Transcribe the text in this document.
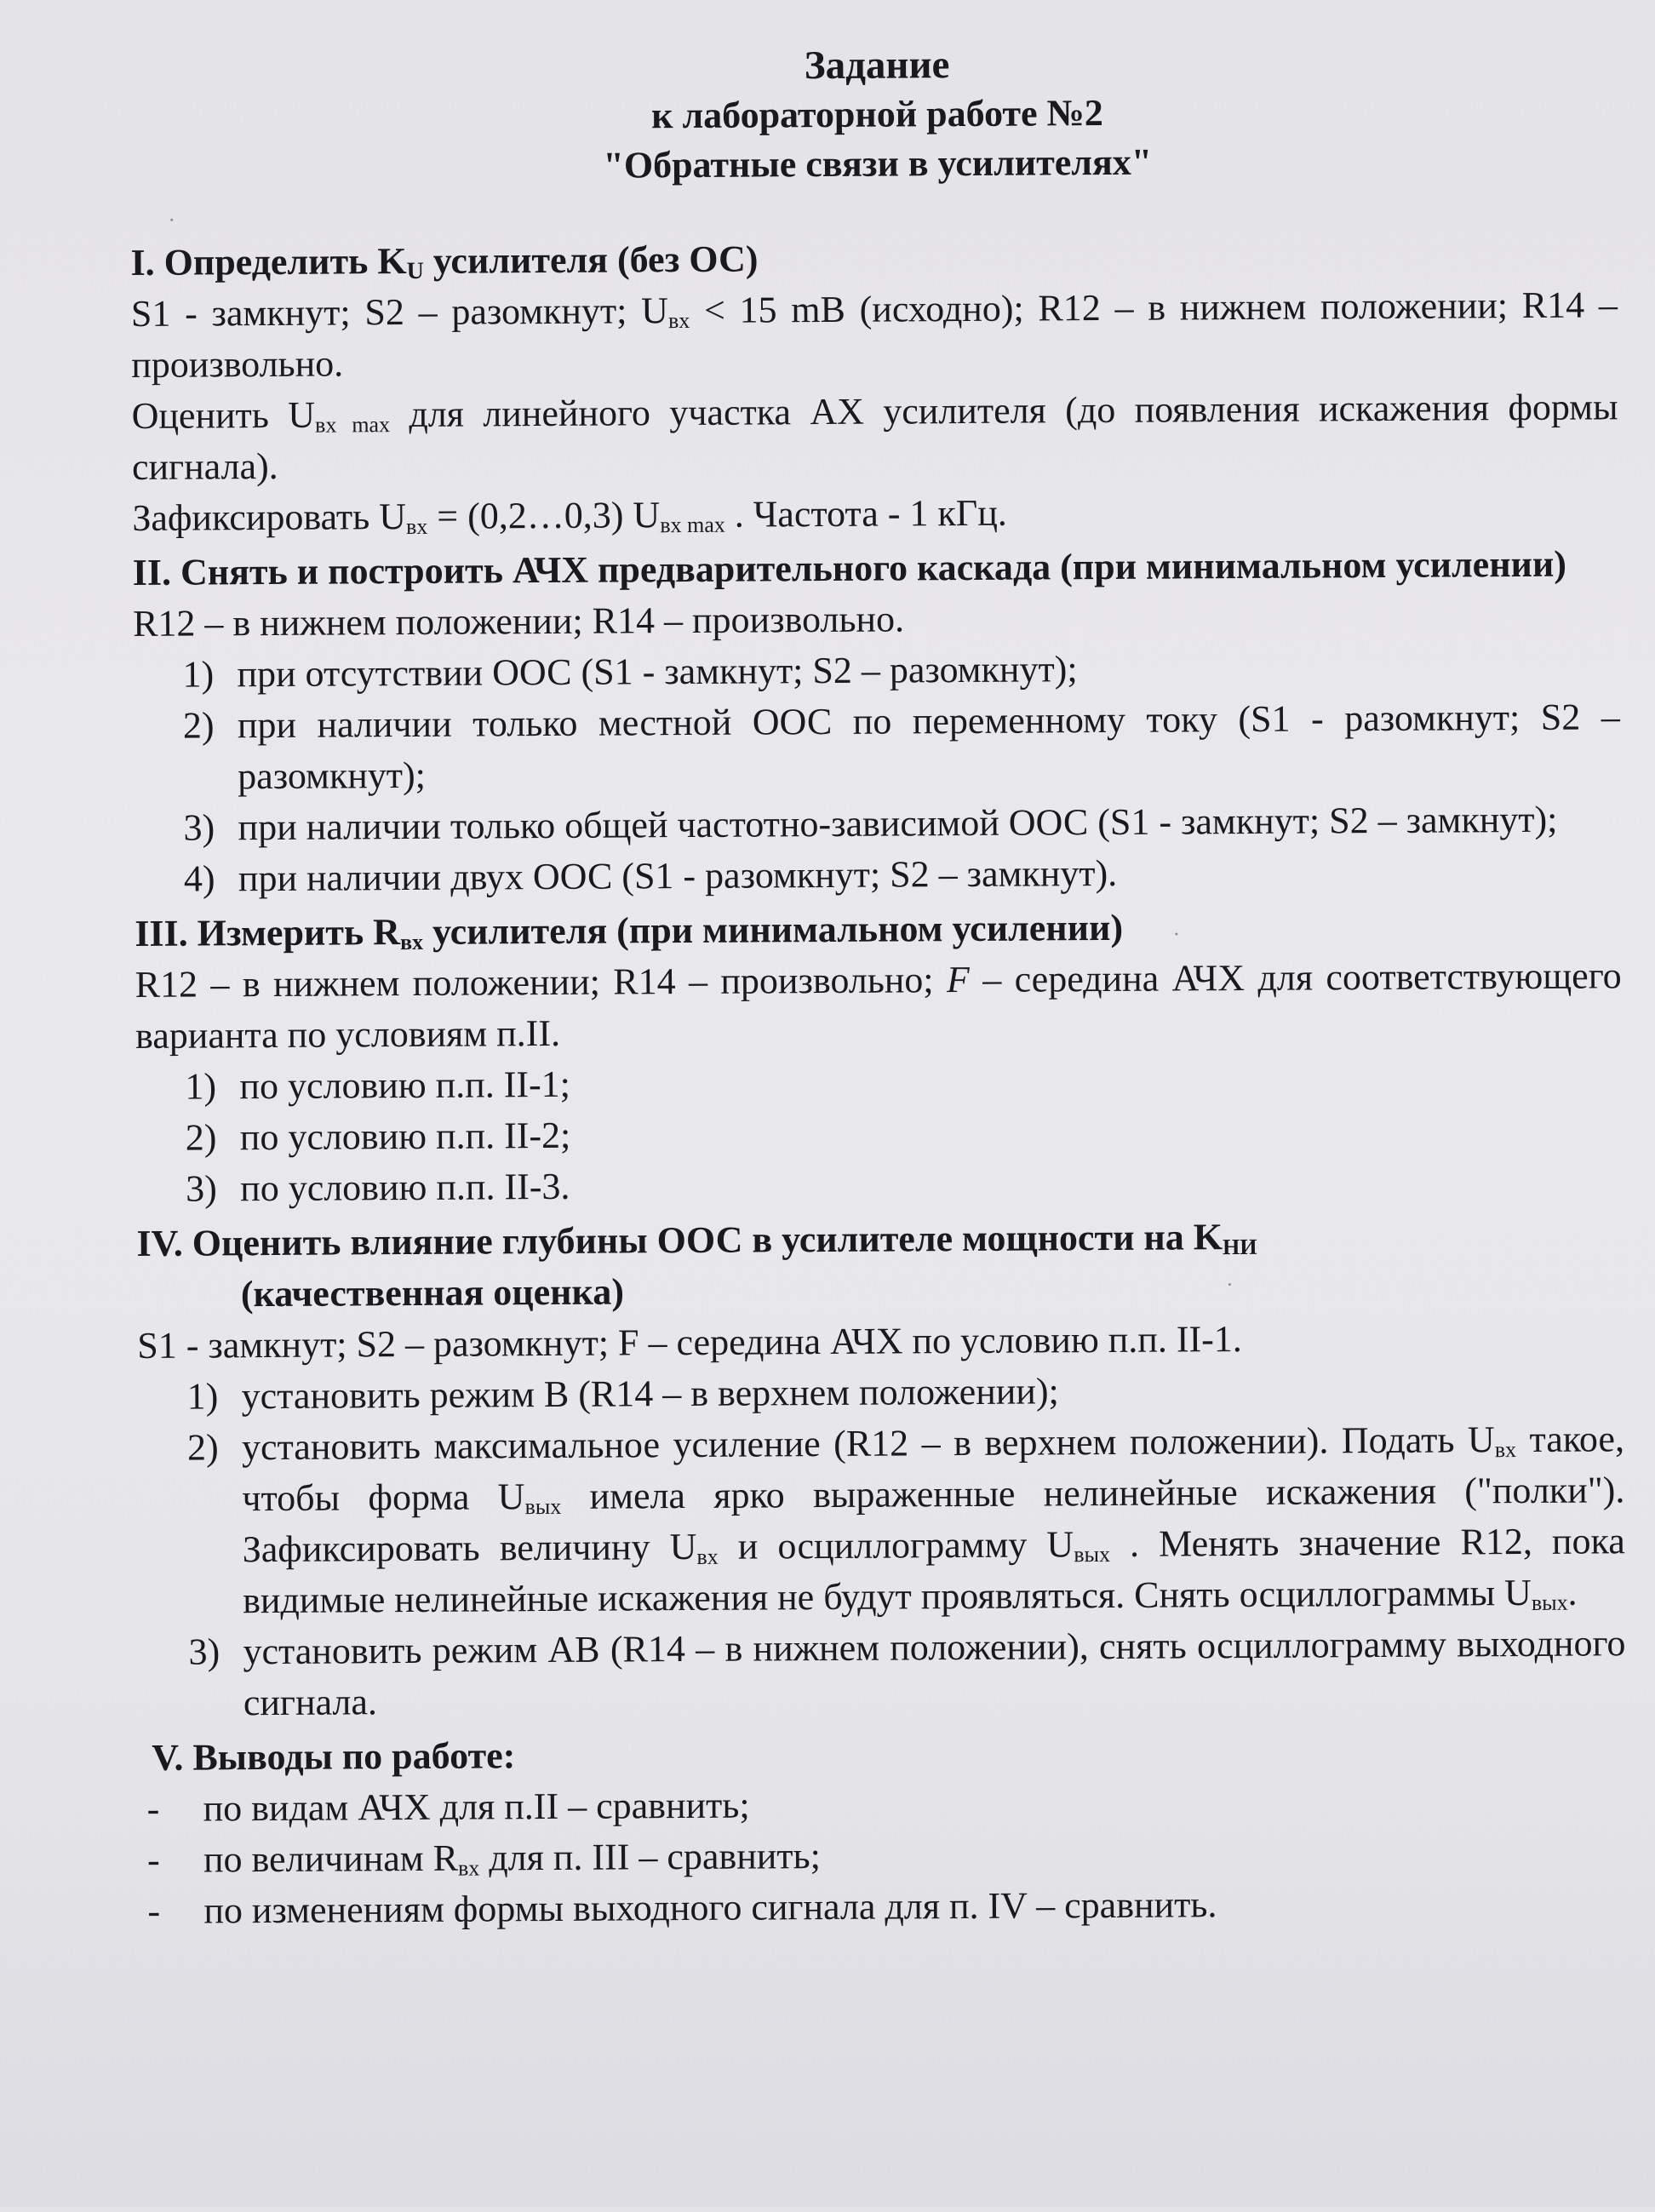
Задание
к лабораторной работе №2
"Обратные связи в усилителях"
I. Определить KU усилителя (без ОС)

S1 - замкнут; S2 – разомкнут; $U_{вх} < 15$ mB (исходно); R12 – в нижнем положении; R14 – произвольно.

Оценить $U_{вх max}$ для линейного участка АХ усилителя (до появления искажения формы сигнала).

Зафиксировать $U_{вх}$ = (0,2…0,3) $U_{вх max}$ . Частота - 1 кГц.

II. Снять и построить АЧХ предварительного каскада (при минимальном усилении)

R12 – в нижнем положении; R14 – произвольно.

1) при отсутствии ООС (S1 - замкнут; S2 – разомкнут);
2) при наличии только местной ООС по переменному току (S1 - разомкнут; S2 – разомкнут);
3) при наличии только общей частотно-зависимой ООС (S1 - замкнут; S2 – замкнут);
4) при наличии двух ООС (S1 - разомкнут; S2 – замкнут).
III. Измерить $R_{вх}$ усилителя (при минимальном усилении)

R12 – в нижнем положении; R14 – произвольно; F – середина АЧХ для соответствующего варианта по условиям п.II.

1) по условию п.п. II-1;
2) по условию п.п. II-2;
3) по условию п.п. II-3.
IV. Оценить влияние глубины ООС в усилителе мощности на $K_{НИ}$
(качественная оценка)

S1 - замкнут; S2 – разомкнут; F – середина АЧХ по условию п.п. II-1.

1) установить режим В (R14 – в верхнем положении);
2) установить максимальное усиление (R12 – в верхнем положении). Подать $U_{вх}$ такое, чтобы форма $U_{вых}$ имела ярко выраженные нелинейные искажения ("полки"). Зафиксировать величину $U_{вх}$ и осциллограмму $U_{вых}$ . Менять значение R12, пока видимые нелинейные искажения не будут проявляться. Снять осциллограммы $U_{вых}$.
3) установить режим АВ (R14 – в нижнем положении), снять осциллограмму выходного сигнала.
V. Выводы по работе:
- по видам АЧХ для п.II – сравнить;
- по величинам $R_{вх}$ для п. III – сравнить;
- по изменениям формы выходного сигнала для п. IV – сравнить.
